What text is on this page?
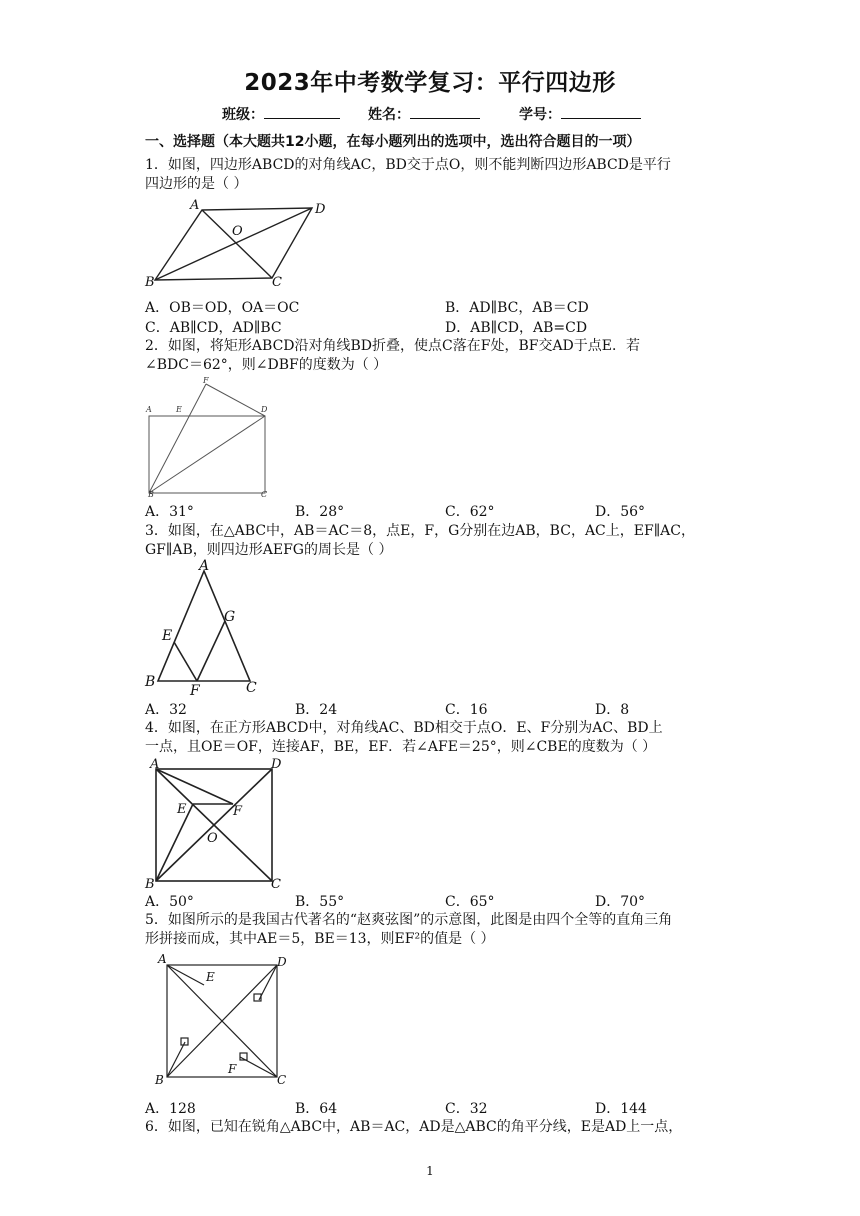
2023年中考数学复习：平行四边形
班级：	姓名：	学号：
一、选择题（本大题共12小题，在每小题列出的选项中，选出符合题目的一项）
1．如图，四边形ABCD的对角线AC，BD交于点O，则不能判断四边形ABCD是平行
四边形的是（ ）
A	D
O
B	C
A．OB＝OD，OA＝OC	B．AD∥BC，AB＝CD
C．AB∥CD，AD∥BC	D．AB∥CD，AB=CD
2．如图，将矩形ABCD沿对角线BD折叠，使点C落在F处，BF交AD于点E．若
∠BDC＝62°，则∠DBF的度数为（ ）
F
A	E	D
B	C
A．31°	B．28°	C．62°	D．56°
3．如图，在△ABC中，AB＝AC＝8，点E，F，G分别在边AB，BC，AC上，EF∥AC，
GF∥AB，则四边形AEFG的周长是（ ）
A
G
E
B
F	C
A．32	B．24	C．16	D．8
4．如图，在正方形ABCD中，对角线AC、BD相交于点O．E、F分别为AC、BD上
一点，且OE＝OF，连接AF，BE，EF．若∠AFE＝25°，则∠CBE的度数为（ ）
A	D
E	F
O
B	C
A．50°	B．55°	C．65°	D．70°
5．如图所示的是我国古代著名的“赵爽弦图”的示意图，此图是由四个全等的直角三角
形拼接而成，其中AE＝5，BE＝13，则EF²的值是（ ）
A
E
D
B
F
C
A．128	B．64	C．32	D．144
6．如图，已知在锐角△ABC中，AB＝AC，AD是△ABC的角平分线，E是AD上一点，
1
